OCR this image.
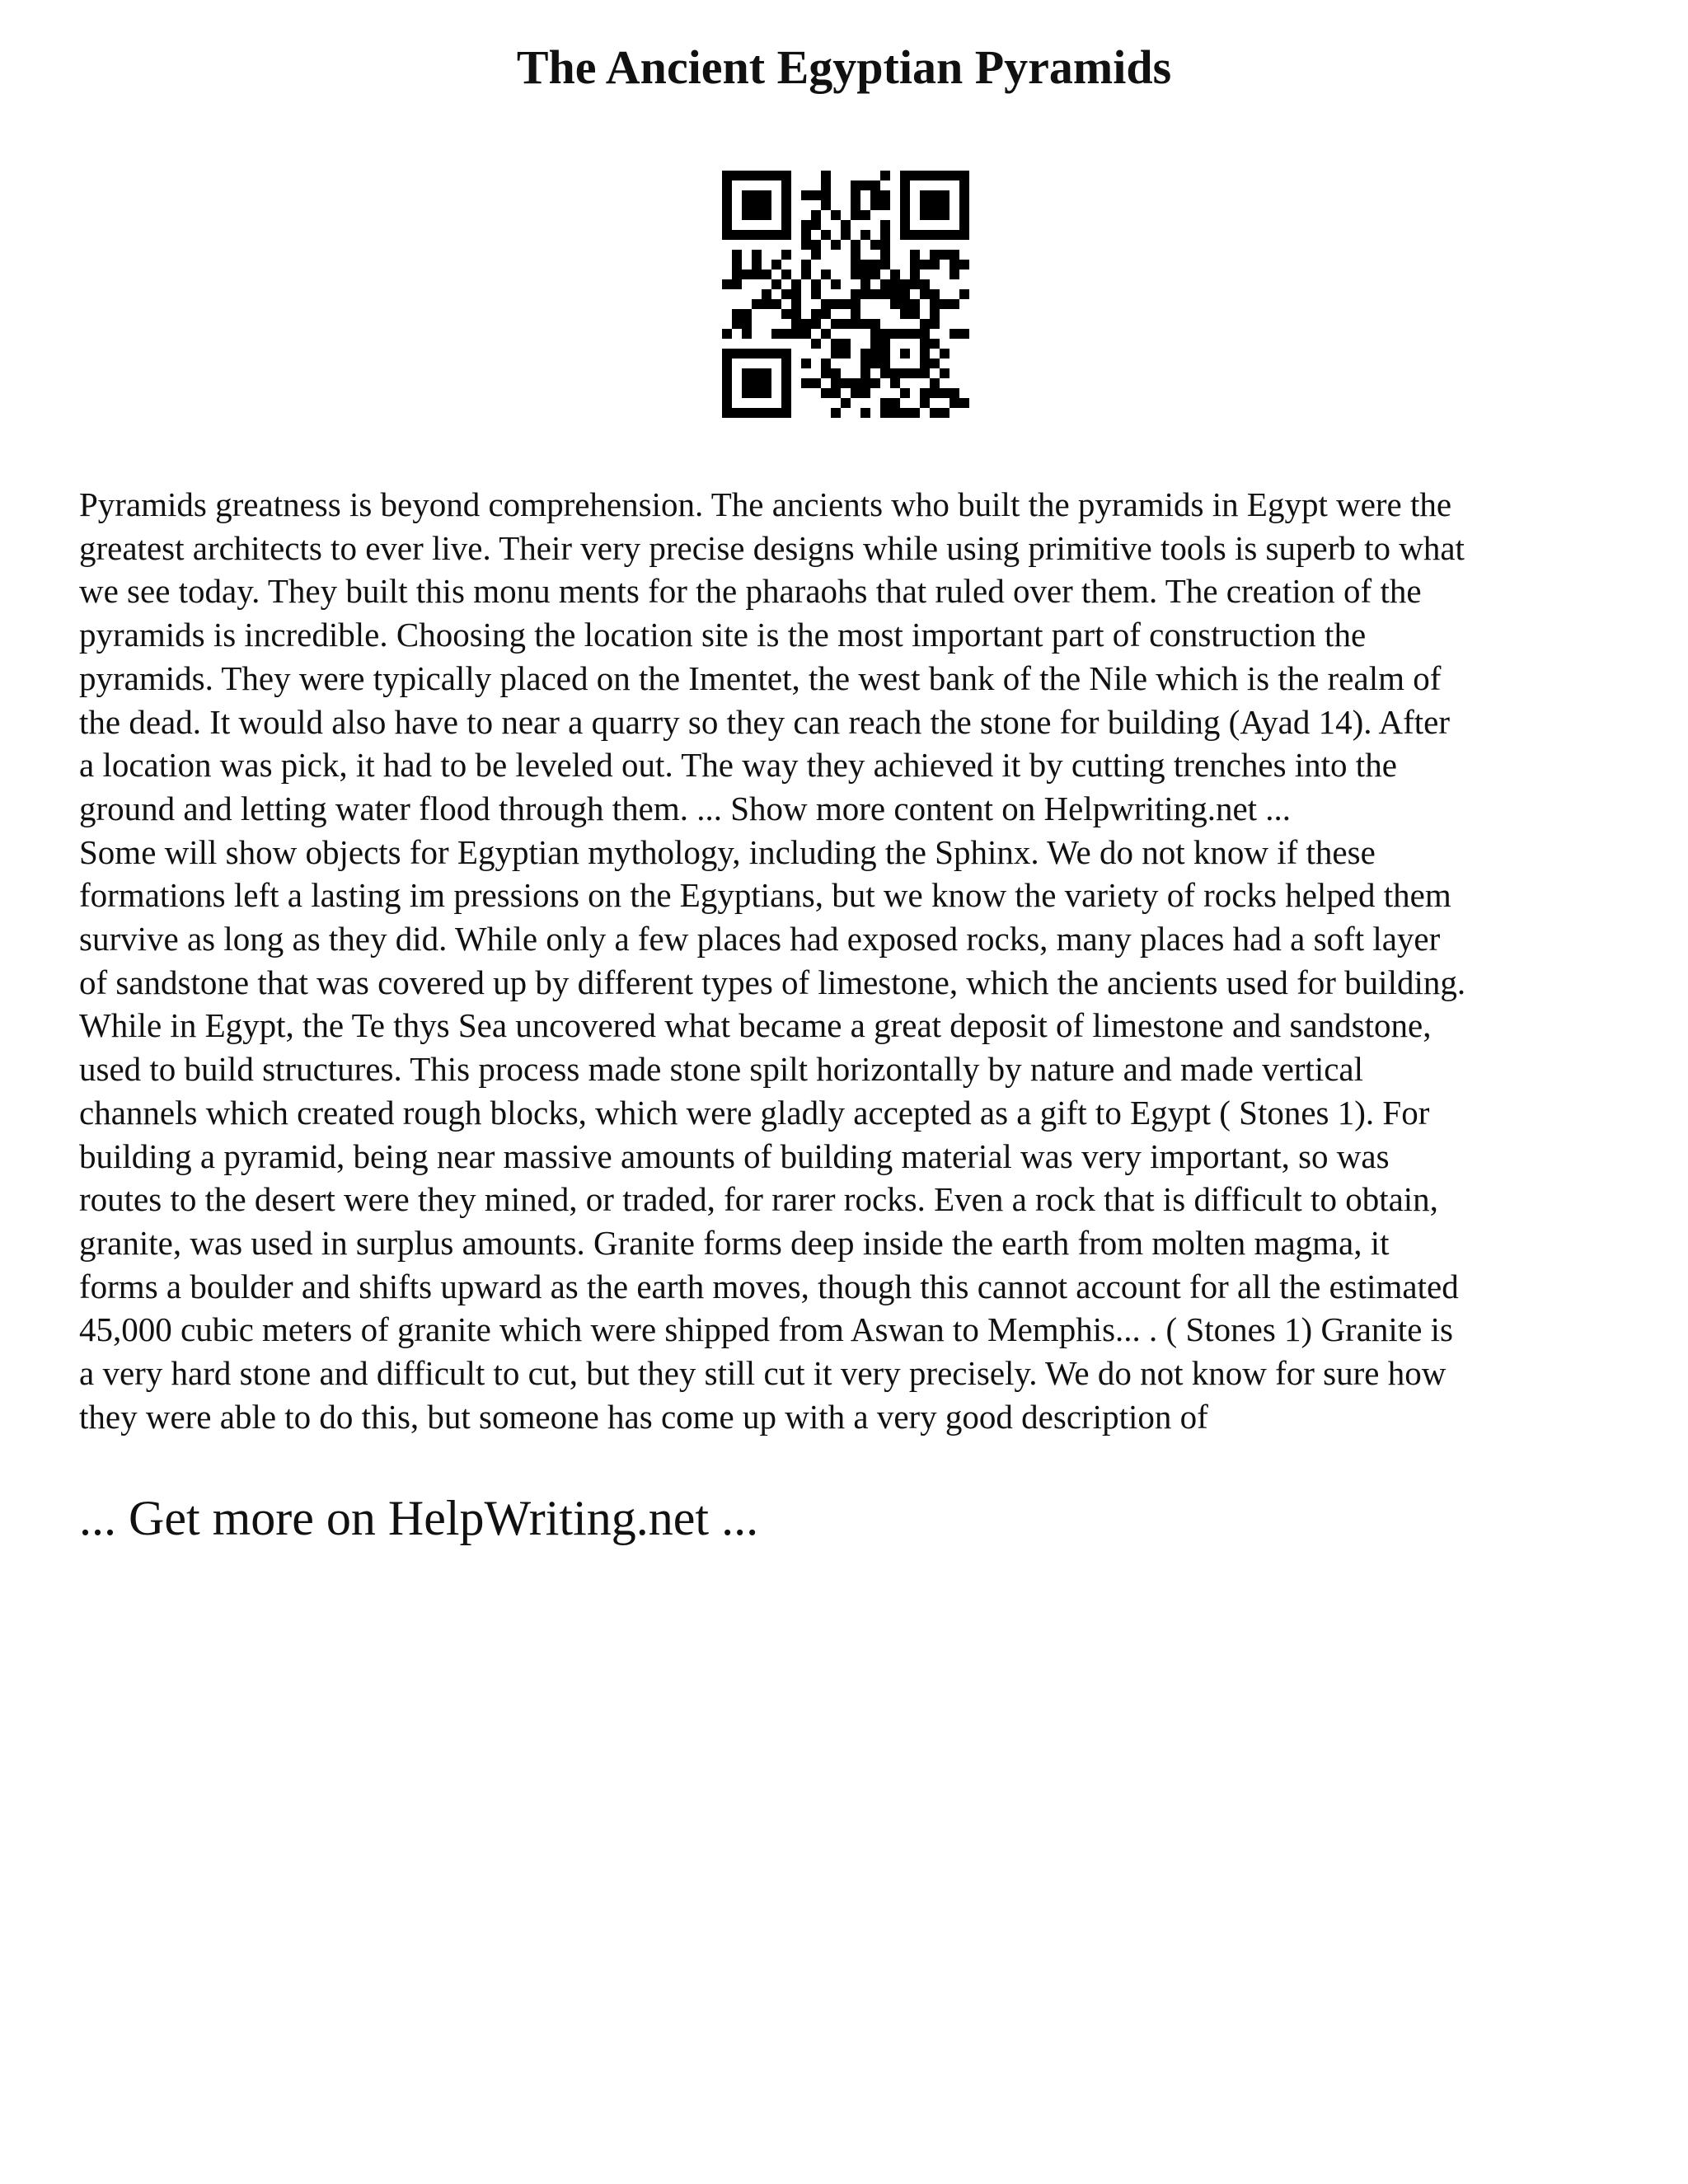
The Ancient Egyptian Pyramids

Pyramids greatness is beyond comprehension. The ancients who built the pyramids in Egypt were the

greatest architects to ever live. Their very precise designs while using primitive tools is superb to what

we see today. They built this monu ments for the pharaohs that ruled over them. The creation of the

pyramids is incredible. Choosing the location site is the most important part of construction the

pyramids. They were typically placed on the Imentet, the west bank of the Nile which is the realm of

the dead. It would also have to near a quarry so they can reach the stone for building (Ayad 14). After

a location was pick, it had to be leveled out. The way they achieved it by cutting trenches into the

ground and letting water flood through them. ... Show more content on Helpwriting.net ...

Some will show objects for Egyptian mythology, including the Sphinx. We do not know if these

formations left a lasting im pressions on the Egyptians, but we know the variety of rocks helped them

survive as long as they did. While only a few places had exposed rocks, many places had a soft layer

of sandstone that was covered up by different types of limestone, which the ancients used for building.

While in Egypt, the Te thys Sea uncovered what became a great deposit of limestone and sandstone,

used to build structures. This process made stone spilt horizontally by nature and made vertical

channels which created rough blocks, which were gladly accepted as a gift to Egypt ( Stones 1). For

building a pyramid, being near massive amounts of building material was very important, so was

routes to the desert were they mined, or traded, for rarer rocks. Even a rock that is difficult to obtain,

granite, was used in surplus amounts. Granite forms deep inside the earth from molten magma, it

forms a boulder and shifts upward as the earth moves, though this cannot account for all the estimated

45,000 cubic meters of granite which were shipped from Aswan to Memphis... . ( Stones 1) Granite is

a very hard stone and difficult to cut, but they still cut it very precisely. We do not know for sure how

they were able to do this, but someone has come up with a very good description of

... Get more on HelpWriting.net ...
